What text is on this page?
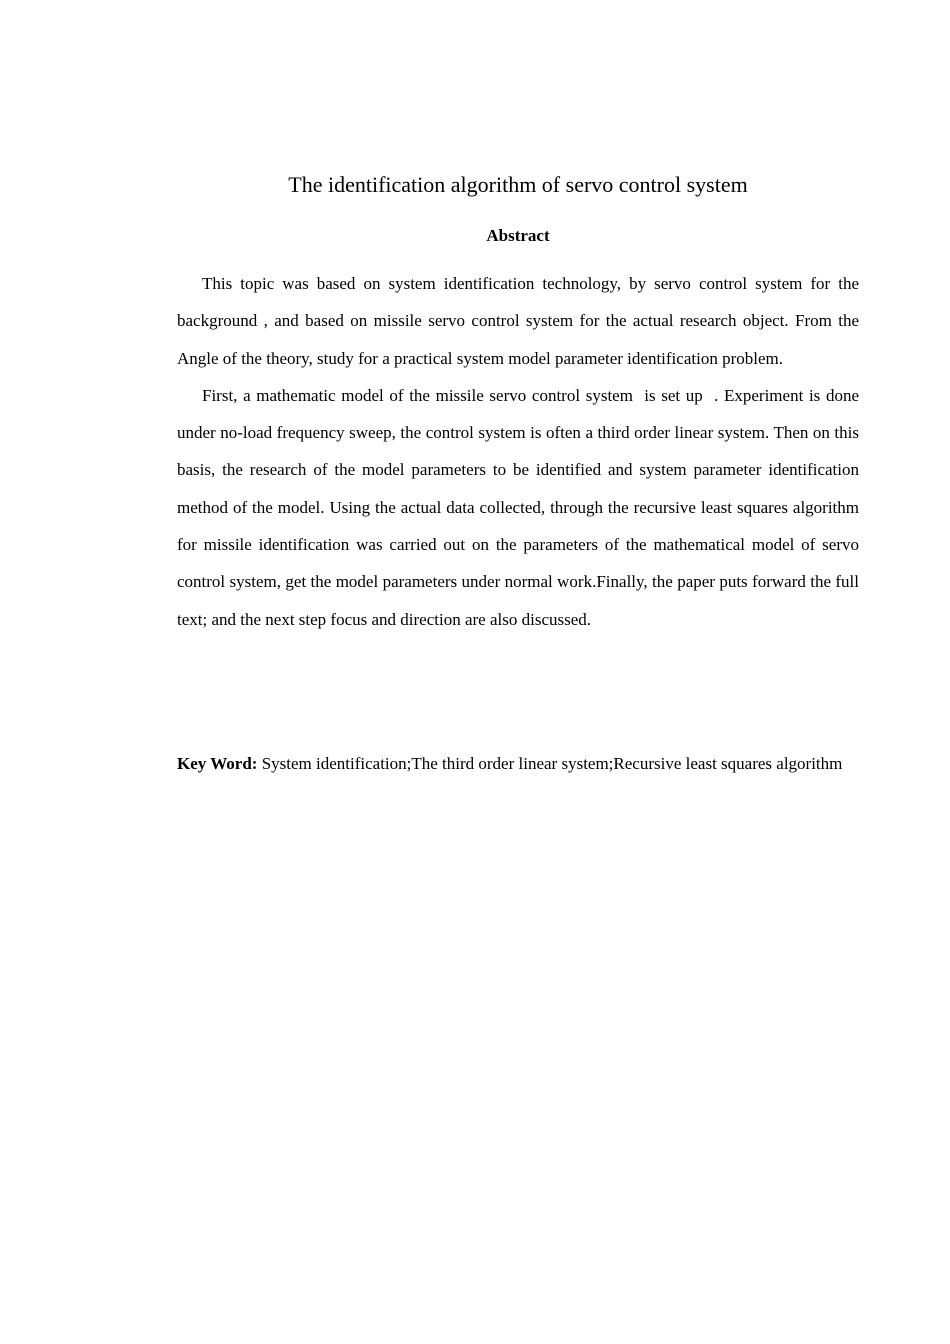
The identification algorithm of servo control system
Abstract

This topic was based on system identification technology, by servo control system for the background , and based on missile servo control system for the actual research object. From the Angle of the theory, study for a practical system model parameter identification problem.

First, a mathematic model of the missile servo control system  is set up  . Experiment is done under no-load frequency sweep, the control system is often a third order linear system. Then on this basis, the research of the model parameters to be identified and system parameter identification method of the model. Using the actual data collected, through the recursive least squares algorithm for missile identification was carried out on the parameters of the mathematical model of servo control system, get the model parameters under normal work.Finally, the paper puts forward the full text; and the next step focus and direction are also discussed.

Key Word: System identification;The third order linear system;Recursive least squares algorithm
